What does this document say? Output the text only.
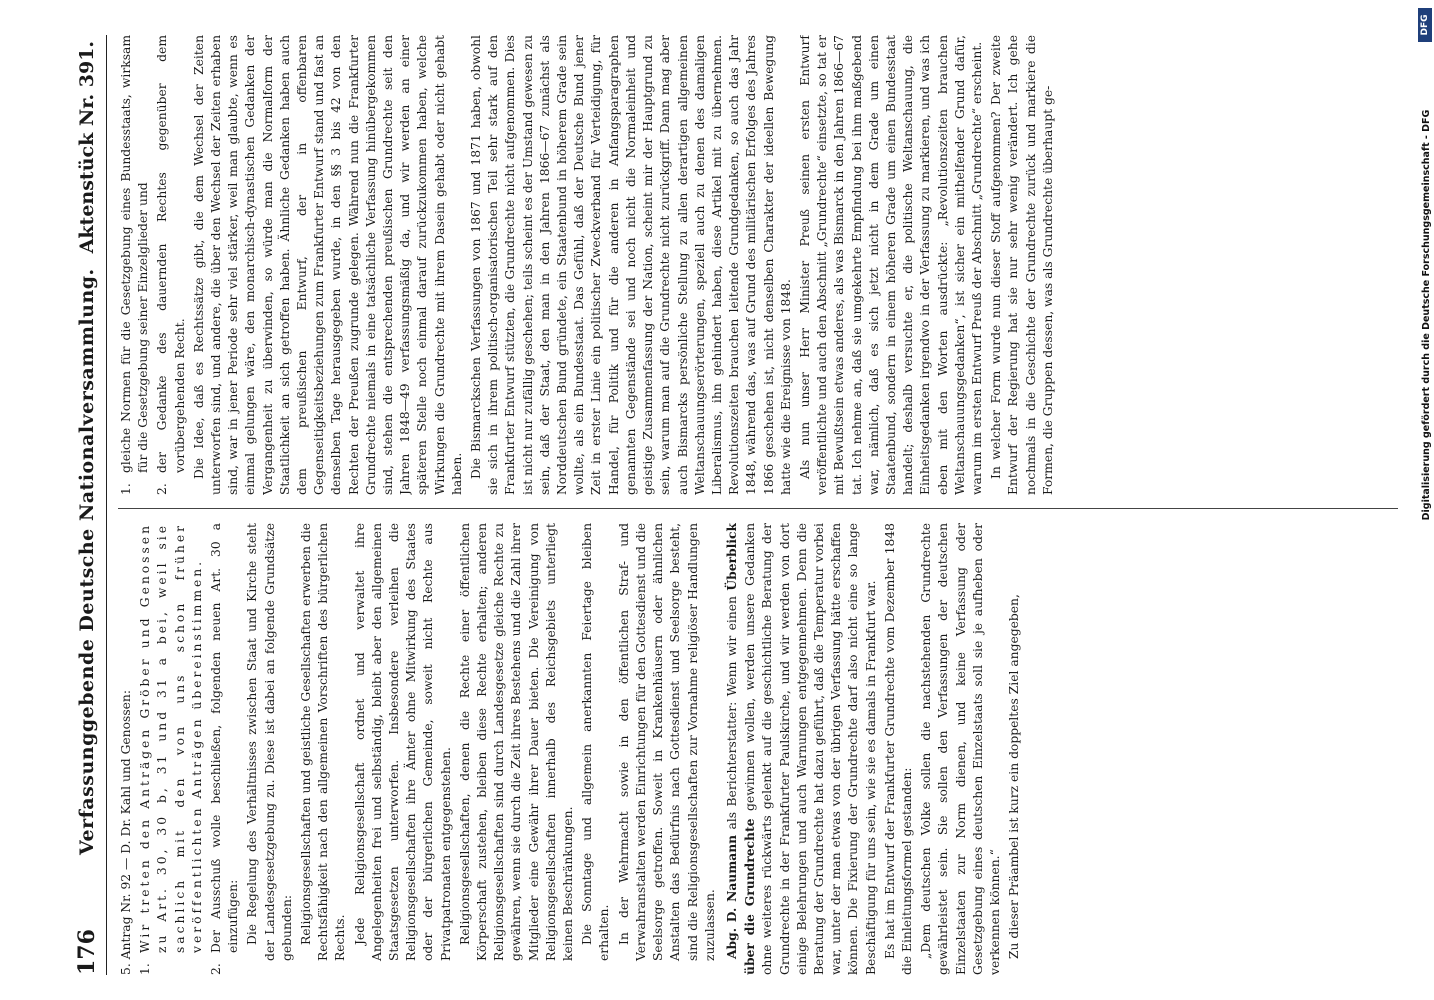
176
Verfassunggebende Deutsche Nationalversammlung.
Aktenstück Nr. 391.

5. Antrag Nr. 92 — D. Dr. Kahl und Genossen: 1.
Wir treten den Anträgen Gröber und Genossen zu Art. 30, 30 b, 31 und 31 a bei, weil sie sachlich mit den von uns schon früher veröffentlichten Anträgen übereinstimmen.
2.
Der Ausschuß wolle beschließen, folgenden neuen Art. 30 a einzufügen: Die Regelung des Verhältnisses zwischen Staat und Kirche steht der Landesgesetzgebung zu. Diese ist dabei an folgende Grundsätze gebunden: Religionsgesellschaften und geistliche Gesellschaften erwerben die Rechtsfähigkeit nach den allgemeinen Vorschriften des bürgerlichen Rechts. Jede Religionsgesellschaft ordnet und verwaltet ihre Angelegenheiten frei und selbständig, bleibt aber den allgemeinen Staatsgesetzen unterworfen. Insbesondere verleihen die Religionsgesellschaften ihre Ämter ohne Mitwirkung des Staates oder der bürgerlichen Gemeinde, soweit nicht Rechte aus Privatpatronaten entgegenstehen. Religionsgesellschaften, denen die Rechte einer öffentlichen Körperschaft zustehen, bleiben diese Rechte erhalten; anderen Religionsgesellschaften sind durch Landesgesetze gleiche Rechte zu gewähren, wenn sie durch die Zeit ihres Bestehens und die Zahl ihrer Mitglieder eine Gewähr ihrer Dauer bieten. Die Vereinigung von Religionsgesellschaften innerhalb des Reichsgebiets unterliegt keinen Beschränkungen. Die Sonntage und allgemein anerkannten Feiertage bleiben erhalten. In der Wehrmacht sowie in den öffentlichen Straf- und Verwahranstalten werden Einrichtungen für den Gottesdienst und die Seelsorge getroffen. Soweit in Krankenhäusern oder ähnlichen Anstalten das Bedürfnis nach Gottesdienst und Seelsorge besteht, sind die Religionsgesellschaften zur Vornahme religiöser Handlungen zuzulassen. Abg. D. Naumann als Berichterstatter: Wenn wir einen Überblick über die Grundrechte gewinnen wollen, werden unsere Gedanken ohne weiteres rückwärts gelenkt auf die geschichtliche Beratung der Grundrechte in der Frankfurter Paulskirche, und wir werden von dort einige Belehrungen und auch Warnungen entgegennehmen. Denn die Beratung der Grundrechte hat dazu geführt, daß die Temperatur vorbei war, unter der man etwas von der übrigen Verfassung hätte erschaffen können. Die Fixierung der Grundrechte darf also nicht eine so lange Beschäftigung für uns sein, wie sie es damals in Frankfurt war. Es hat im Entwurf der Frankfurter Grundrechte vom Dezember 1848 die Einleitungsformel gestanden: „Dem deutschen Volke sollen die nachstehenden Grundrechte gewährleistet sein. Sie sollen den Verfassungen der deutschen Einzelstaaten zur Norm dienen, und keine Verfassung oder Gesetzgebung eines deutschen Einzelstaats soll sie je aufheben oder verkennen können.“ Zu dieser Präambel ist kurz ein doppeltes Ziel angegeben,

1.
gleiche Normen für die Gesetzgebung eines Bundesstaats, wirksam für die Gesetzgebung seiner Einzelglieder und
2.
der Gedanke des dauernden Rechtes gegenüber dem vorübergehenden Recht. Die Idee, daß es Rechtssätze gibt, die dem Wechsel der Zeiten unterworfen sind, und andere, die über den Wechsel der Zeiten erhaben sind, war in jener Periode sehr viel stärker, weil man glaubte, wenn es einmal gelungen wäre, den monarchisch-dynastischen Gedanken der Vergangenheit zu überwinden, so würde man die Normalform der Staatlichkeit an sich getroffen haben. Ähnliche Gedanken haben auch dem preußischen Entwurf, der in offenbaren Gegenseitigkeitsbeziehungen zum Frankfurter Entwurf stand und fast an denselben Tage herausgegeben wurde, in den §§ 3 bis 42 von den Rechten der Preußen zugrunde gelegen. Während nun die Frankfurter Grundrechte niemals in eine tatsächliche Verfassung hinübergekommen sind, stehen die entsprechenden preußischen Grundrechte seit den Jahren 1848—49 verfassungsmäßig da, und wir werden an einer späteren Stelle noch einmal darauf zurückzukommen haben, welche Wirkungen die Grundrechte mit ihrem Dasein gehabt oder nicht gehabt haben. Die Bismarckschen Verfassungen von 1867 und 1871 haben, obwohl sie sich in ihrem politisch-organisatorischen Teil sehr stark auf den Frankfurter Entwurf stützten, die Grundrechte nicht aufgenommen. Dies ist nicht nur zufällig geschehen; teils scheint es der Umstand gewesen zu sein, daß der Staat, den man in den Jahren 1866—67 zunächst als Norddeutschen Bund gründete, ein Staatenbund in höherem Grade sein wollte, als ein Bundesstaat. Das Gefühl, daß der Deutsche Bund jener Zeit in erster Linie ein politischer Zweckverband für Verteidigung, für Handel, für Politik und für die anderen in Anfangsparagraphen genannten Gegenstände sei und noch nicht die Normaleinheit und geistige Zusammenfassung der Nation, scheint mir der Hauptgrund zu sein, warum man auf die Grundrechte nicht zurückgriff. Dann mag aber auch Bismarcks persönliche Stellung zu allen derartigen allgemeinen Weltanschauungserörterungen, speziell auch zu denen des damaligen Liberalismus, ihn gehindert haben, diese Artikel mit zu übernehmen. Revolutionszeiten brauchen leitende Grundgedanken, so auch das Jahr 1848, während das, was auf Grund des militärischen Erfolges des Jahres 1866 geschehen ist, nicht denselben Charakter der ideellen Bewegung hatte wie die Ereignisse von 1848. Als nun unser Herr Minister Preuß seinen ersten Entwurf veröffentlichte und auch den Abschnitt „Grundrechte“ einsetzte, so tat er mit Bewußtsein etwas anderes, als was Bismarck in den Jahren 1866—67 tat. Ich nehme an, daß sie umgekehrte Empfindung bei ihm maßgebend war, nämlich, daß es sich jetzt nicht in dem Grade um einen Staatenbund, sondern in einem höheren Grade um einen Bundesstaat handelt; deshalb versuchte er, die politische Weltanschauung, die Einheitsgedanken irgendwo in der Verfassung zu markieren, und was ich eben mit den Worten ausdrückte: „Revolutionszeiten brauchen Weltanschauungsgedanken“, ist sicher ein mithelfender Grund dafür, warum im ersten Entwurf Preuß der Abschnitt „Grundrechte“ erscheint. In welcher Form wurde nun dieser Stoff aufgenommen? Der zweite Entwurf der Regierung hat sie nur sehr wenig verändert. Ich gehe nochmals in die Geschichte der Grundrechte zurück und markiere die Formen, die Gruppen dessen, was als Grundrechte überhaupt ge-

DFG
Digitalisierung gefördert durch die Deutsche Forschungsgemeinschaft - DFG
